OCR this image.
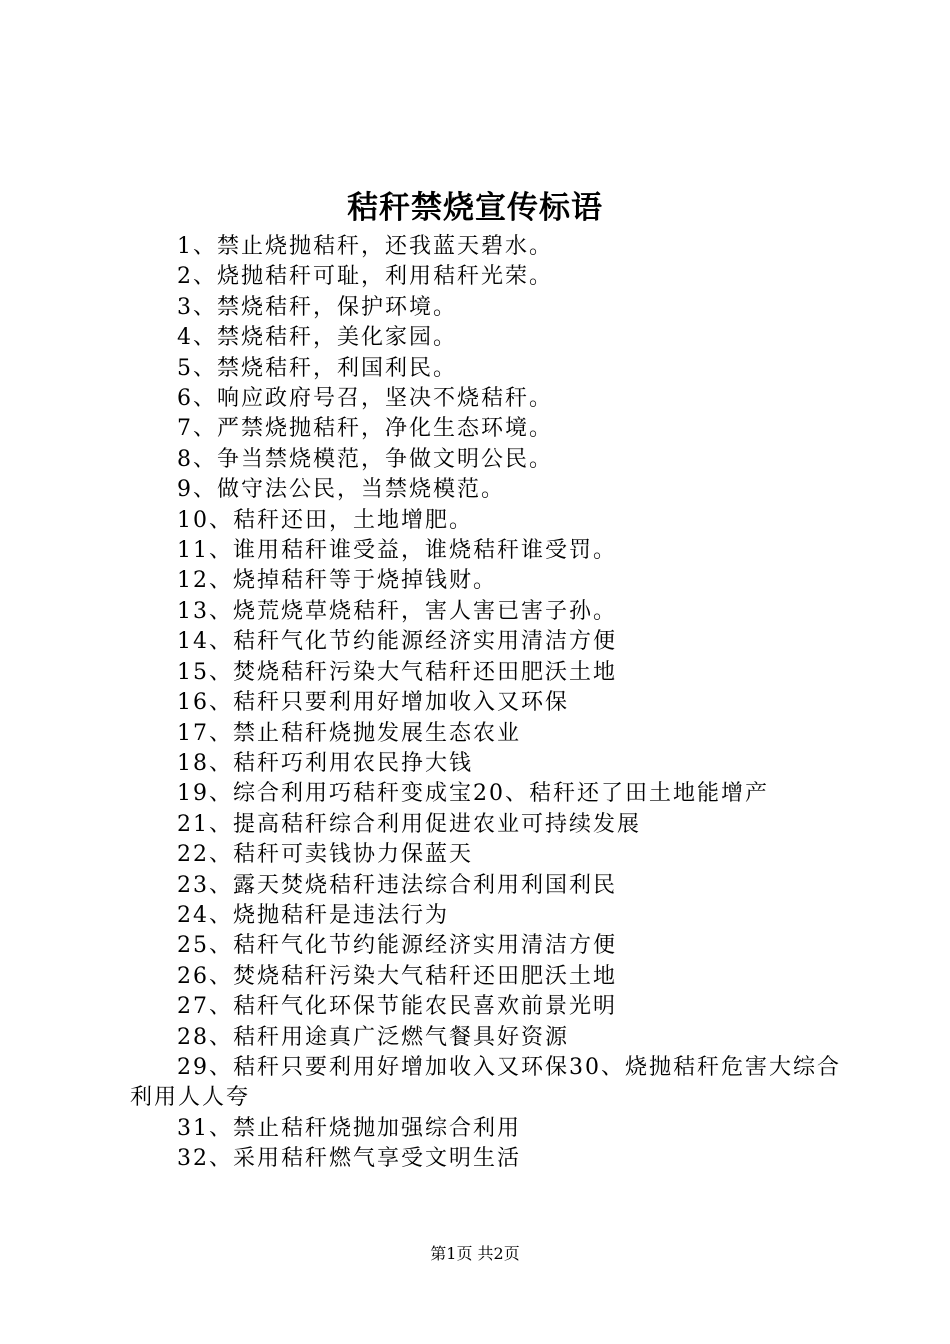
秸秆禁烧宣传标语
1、禁止烧抛秸秆，还我蓝天碧水。
2、烧抛秸秆可耻，利用秸秆光荣。
3、禁烧秸秆，保护环境。
4、禁烧秸秆，美化家园。
5、禁烧秸秆，利国利民。
6、响应政府号召，坚决不烧秸秆。
7、严禁烧抛秸秆，净化生态环境。
8、争当禁烧模范，争做文明公民。
9、做守法公民，当禁烧模范。
10、秸秆还田，土地增肥。
11、谁用秸秆谁受益，谁烧秸秆谁受罚。
12、烧掉秸秆等于烧掉钱财。
13、烧荒烧草烧秸秆，害人害已害子孙。
14、秸秆气化节约能源经济实用清洁方便
15、焚烧秸秆污染大气秸秆还田肥沃土地
16、秸秆只要利用好增加收入又环保
17、禁止秸秆烧抛发展生态农业
18、秸秆巧利用农民挣大钱
19、综合利用巧秸秆变成宝20、秸秆还了田土地能增产
21、提高秸秆综合利用促进农业可持续发展
22、秸秆可卖钱协力保蓝天
23、露天焚烧秸秆违法综合利用利国利民
24、烧抛秸秆是违法行为
25、秸秆气化节约能源经济实用清洁方便
26、焚烧秸秆污染大气秸秆还田肥沃土地
27、秸秆气化环保节能农民喜欢前景光明
28、秸秆用途真广泛燃气餐具好资源
29、秸秆只要利用好增加收入又环保30、烧抛秸秆危害大综合利用人人夸
31、禁止秸秆烧抛加强综合利用
32、采用秸秆燃气享受文明生活
第1页 共2页
